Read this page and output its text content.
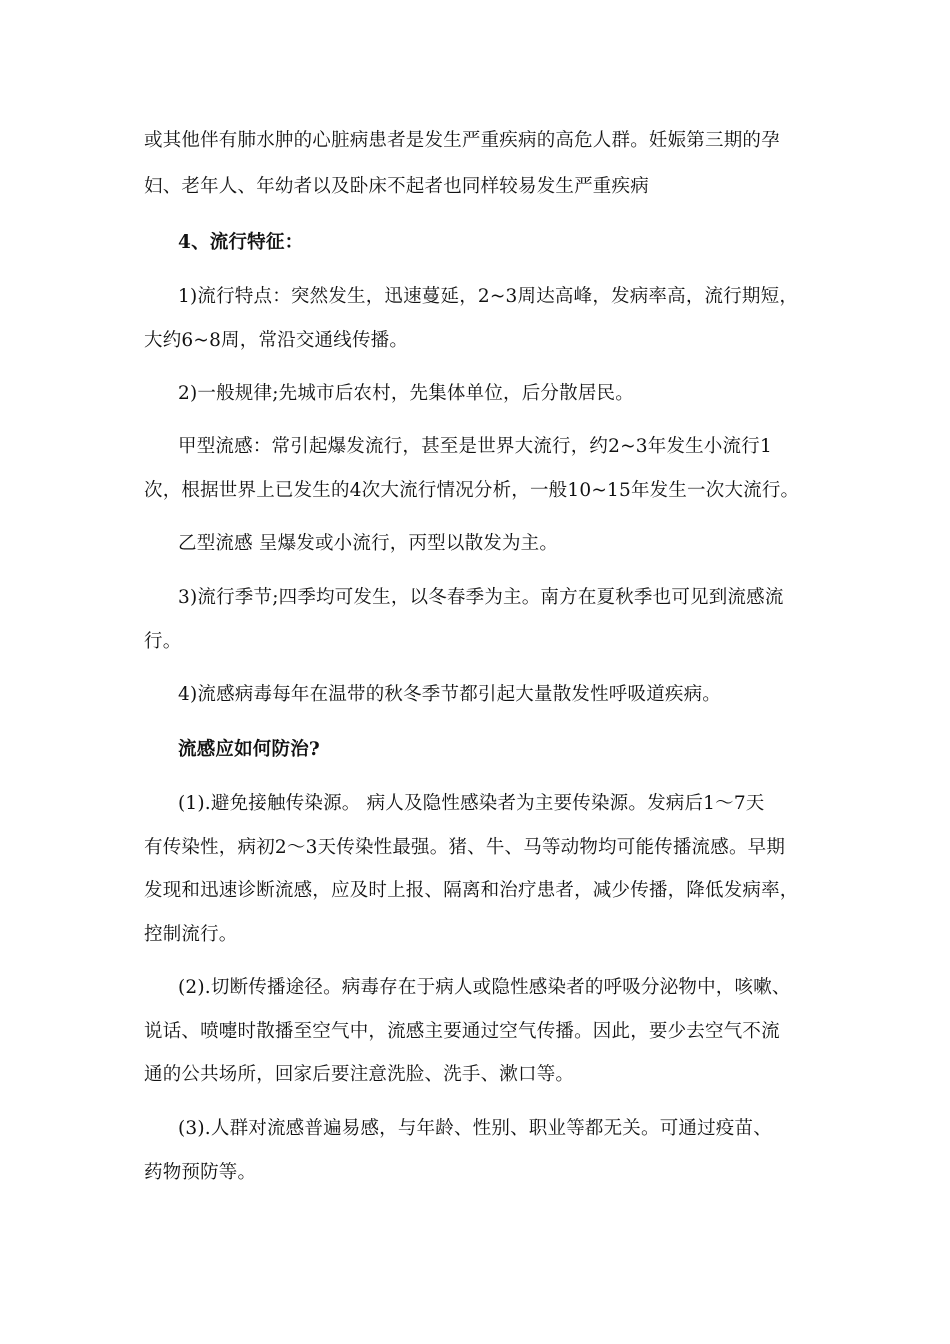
或其他伴有肺水肿的心脏病患者是发生严重疾病的高危人群。妊娠第三期的孕
妇、老年人、年幼者以及卧床不起者也同样较易发生严重疾病
4、流行特征：
1)流行特点：突然发生，迅速蔓延，2~3周达高峰，发病率高，流行期短，
大约6~8周，常沿交通线传播。
2)一般规律;先城市后农村，先集体单位，后分散居民。
甲型流感：常引起爆发流行，甚至是世界大流行，约2~3年发生小流行1
次，根据世界上已发生的4次大流行情况分析，一般10~15年发生一次大流行。
乙型流感 呈爆发或小流行，丙型以散发为主。
3)流行季节;四季均可发生，以冬春季为主。南方在夏秋季也可见到流感流
行。
4)流感病毒每年在温带的秋冬季节都引起大量散发性呼吸道疾病。
流感应如何防治?
(1).避免接触传染源。 病人及隐性感染者为主要传染源。发病后1～7天
有传染性，病初2～3天传染性最强。猪、牛、马等动物均可能传播流感。早期
发现和迅速诊断流感，应及时上报、隔离和治疗患者，减少传播，降低发病率，
控制流行。
(2).切断传播途径。病毒存在于病人或隐性感染者的呼吸分泌物中，咳嗽、
说话、喷嚏时散播至空气中，流感主要通过空气传播。因此，要少去空气不流
通的公共场所，回家后要注意洗脸、洗手、漱口等。
(3).人群对流感普遍易感，与年龄、性别、职业等都无关。可通过疫苗、
药物预防等。
